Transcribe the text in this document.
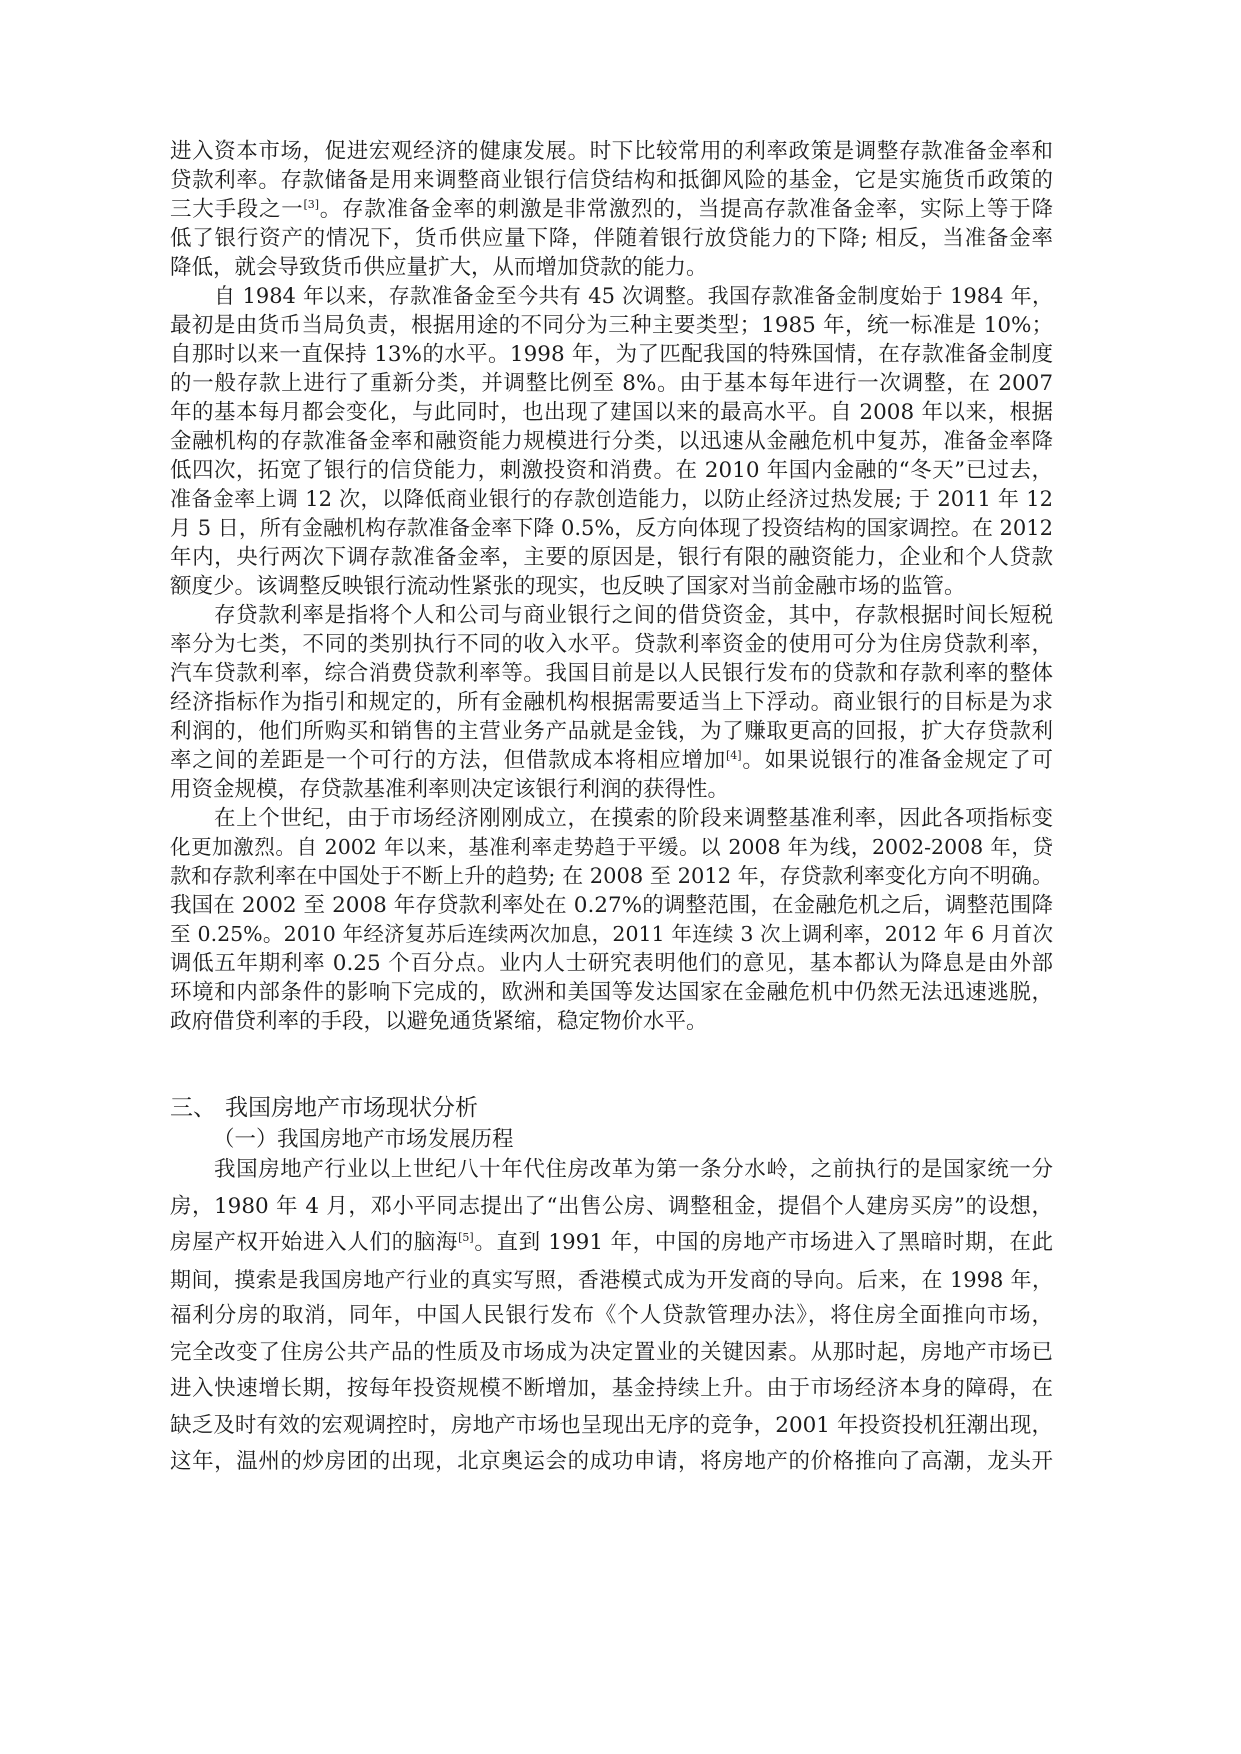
进入资本市场，促进宏观经济的健康发展。时下比较常用的利率政策是调整存款准备金率和
贷款利率。存款储备是用来调整商业银行信贷结构和抵御风险的基金，它是实施货币政策的
三大手段之一[3]。存款准备金率的刺激是非常激烈的，当提高存款准备金率，实际上等于降
低了银行资产的情况下，货币供应量下降，伴随着银行放贷能力的下降; 相反，当准备金率
降低，就会导致货币供应量扩大，从而增加贷款的能力。
自 1984 年以来，存款准备金至今共有 45 次调整。我国存款准备金制度始于 1984 年，
最初是由货币当局负责，根据用途的不同分为三种主要类型；1985 年，统一标准是 10%；
自那时以来一直保持 13%的水平。1998 年，为了匹配我国的特殊国情，在存款准备金制度
的一般存款上进行了重新分类，并调整比例至 8%。由于基本每年进行一次调整，在 2007
年的基本每月都会变化，与此同时，也出现了建国以来的最高水平。自 2008 年以来，根据
金融机构的存款准备金率和融资能力规模进行分类，以迅速从金融危机中复苏，准备金率降
低四次，拓宽了银行的信贷能力，刺激投资和消费。在 2010 年国内金融的“冬天”已过去，
准备金率上调 12 次，以降低商业银行的存款创造能力，以防止经济过热发展; 于 2011 年 12
月 5 日，所有金融机构存款准备金率下降 0.5%，反方向体现了投资结构的国家调控。在 2012
年内，央行两次下调存款准备金率，主要的原因是，银行有限的融资能力，企业和个人贷款
额度少。该调整反映银行流动性紧张的现实，也反映了国家对当前金融市场的监管。
存贷款利率是指将个人和公司与商业银行之间的借贷资金，其中，存款根据时间长短税
率分为七类，不同的类别执行不同的收入水平。贷款利率资金的使用可分为住房贷款利率，
汽车贷款利率，综合消费贷款利率等。我国目前是以人民银行发布的贷款和存款利率的整体
经济指标作为指引和规定的，所有金融机构根据需要适当上下浮动。商业银行的目标是为求
利润的，他们所购买和销售的主营业务产品就是金钱，为了赚取更高的回报，扩大存贷款利
率之间的差距是一个可行的方法，但借款成本将相应增加[4]。如果说银行的准备金规定了可
用资金规模，存贷款基准利率则决定该银行利润的获得性。
在上个世纪，由于市场经济刚刚成立，在摸索的阶段来调整基准利率，因此各项指标变
化更加激烈。自 2002 年以来，基准利率走势趋于平缓。以 2008 年为线，2002-2008 年，贷
款和存款利率在中国处于不断上升的趋势; 在 2008 至 2012 年，存贷款利率变化方向不明确。
我国在 2002 至 2008 年存贷款利率处在 0.27%的调整范围，在金融危机之后，调整范围降
至 0.25%。2010 年经济复苏后连续两次加息，2011 年连续 3 次上调利率，2012 年 6 月首次
调低五年期利率 0.25 个百分点。业内人士研究表明他们的意见，基本都认为降息是由外部
环境和内部条件的影响下完成的，欧洲和美国等发达国家在金融危机中仍然无法迅速逃脱，
政府借贷利率的手段，以避免通货紧缩，稳定物价水平。
三、 我国房地产市场现状分析
（一）我国房地产市场发展历程
我国房地产行业以上世纪八十年代住房改革为第一条分水岭，之前执行的是国家统一分
房，1980 年 4 月，邓小平同志提出了“出售公房、调整租金，提倡个人建房买房”的设想，
房屋产权开始进入人们的脑海[5]。直到 1991 年，中国的房地产市场进入了黑暗时期，在此
期间，摸索是我国房地产行业的真实写照，香港模式成为开发商的导向。后来，在 1998 年，
福利分房的取消，同年，中国人民银行发布《个人贷款管理办法》，将住房全面推向市场，
完全改变了住房公共产品的性质及市场成为决定置业的关键因素。从那时起，房地产市场已
进入快速增长期，按每年投资规模不断增加，基金持续上升。由于市场经济本身的障碍，在
缺乏及时有效的宏观调控时，房地产市场也呈现出无序的竞争，2001 年投资投机狂潮出现，
这年，温州的炒房团的出现，北京奥运会的成功申请，将房地产的价格推向了高潮，龙头开
